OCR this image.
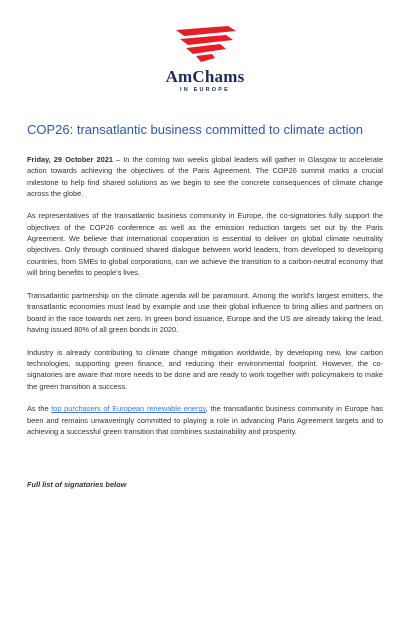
AmChams
IN EUROPE
COP26: transatlantic business committed to climate action

Friday, 29 October 2021 – In the coming two weeks global leaders will gather in Glasgow to accelerate action towards achieving the objectives of the Paris Agreement. The COP26 summit marks a crucial milestone to help find shared solutions as we begin to see the concrete consequences of climate change across the globe.

As representatives of the transatlantic business community in Europe, the co-signatories fully support the objectives of the COP26 conference as well as the emission reduction targets set out by the Paris Agreement. We believe that international cooperation is essential to deliver on global climate neutrality objectives. Only through continued shared dialogue between world leaders, from developed to developing countries, from SMEs to global corporations, can we achieve the transition to a carbon-neutral economy that will bring benefits to people's lives.

Transatlantic partnership on the climate agenda will be paramount. Among the world's largest emitters, the transatlantic economies must lead by example and use their global influence to bring allies and partners on board in the race towards net zero. In green bond issuance, Europe and the US are already taking the lead, having issued 80% of all green bonds in 2020.

Industry is already contributing to climate change mitigation worldwide, by developing new, low carbon technologies, supporting green finance, and reducing their environmental footprint. However, the co-signatories are aware that more needs to be done and are ready to work together with policymakers to make the green transition a success.

As the top purchasers of European renewable energy, the transatlantic business community in Europe has been and remains unwaveringly committed to playing a role in advancing Paris Agreement targets and to achieving a successful green transition that combines sustainability and prosperity.

Full list of signatories below
